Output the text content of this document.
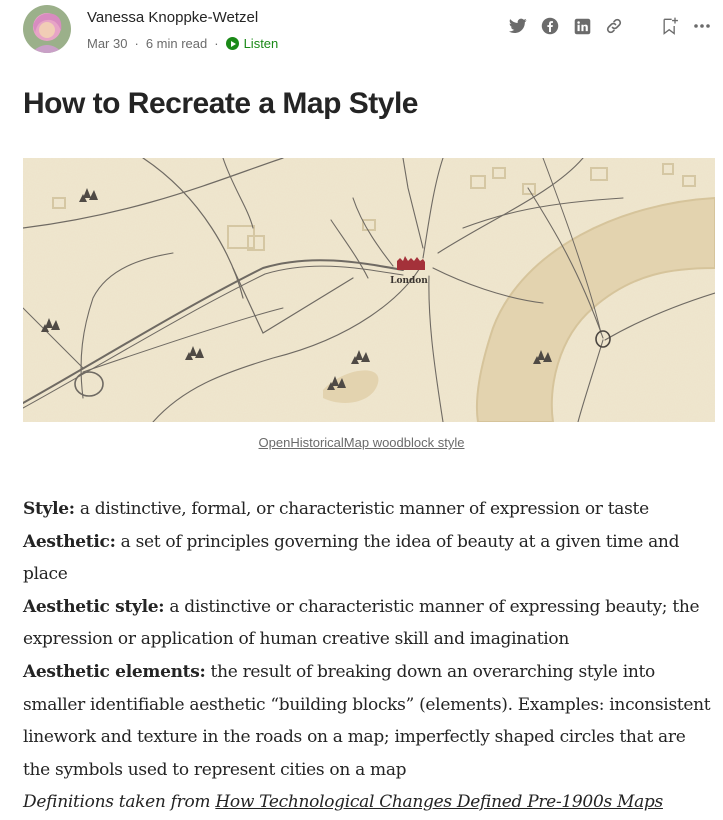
Vanessa Knoppke-Wetzel
Mar 30 · 6 min read · Listen
How to Recreate a Map Style
London
OpenHistoricalMap woodblock style

Style: a distinctive, formal, or characteristic manner of expression or taste

Aesthetic: a set of principles governing the idea of beauty at a given time and place

Aesthetic style: a distinctive or characteristic manner of expressing beauty; the expression or application of human creative skill and imagination

Aesthetic elements: the result of breaking down an overarching style into smaller identifiable aesthetic “building blocks” (elements). Examples: inconsistent linework and texture in the roads on a map; imperfectly shaped circles that are the symbols used to represent cities on a map

Definitions taken from How Technological Changes Defined Pre-1900s Maps
